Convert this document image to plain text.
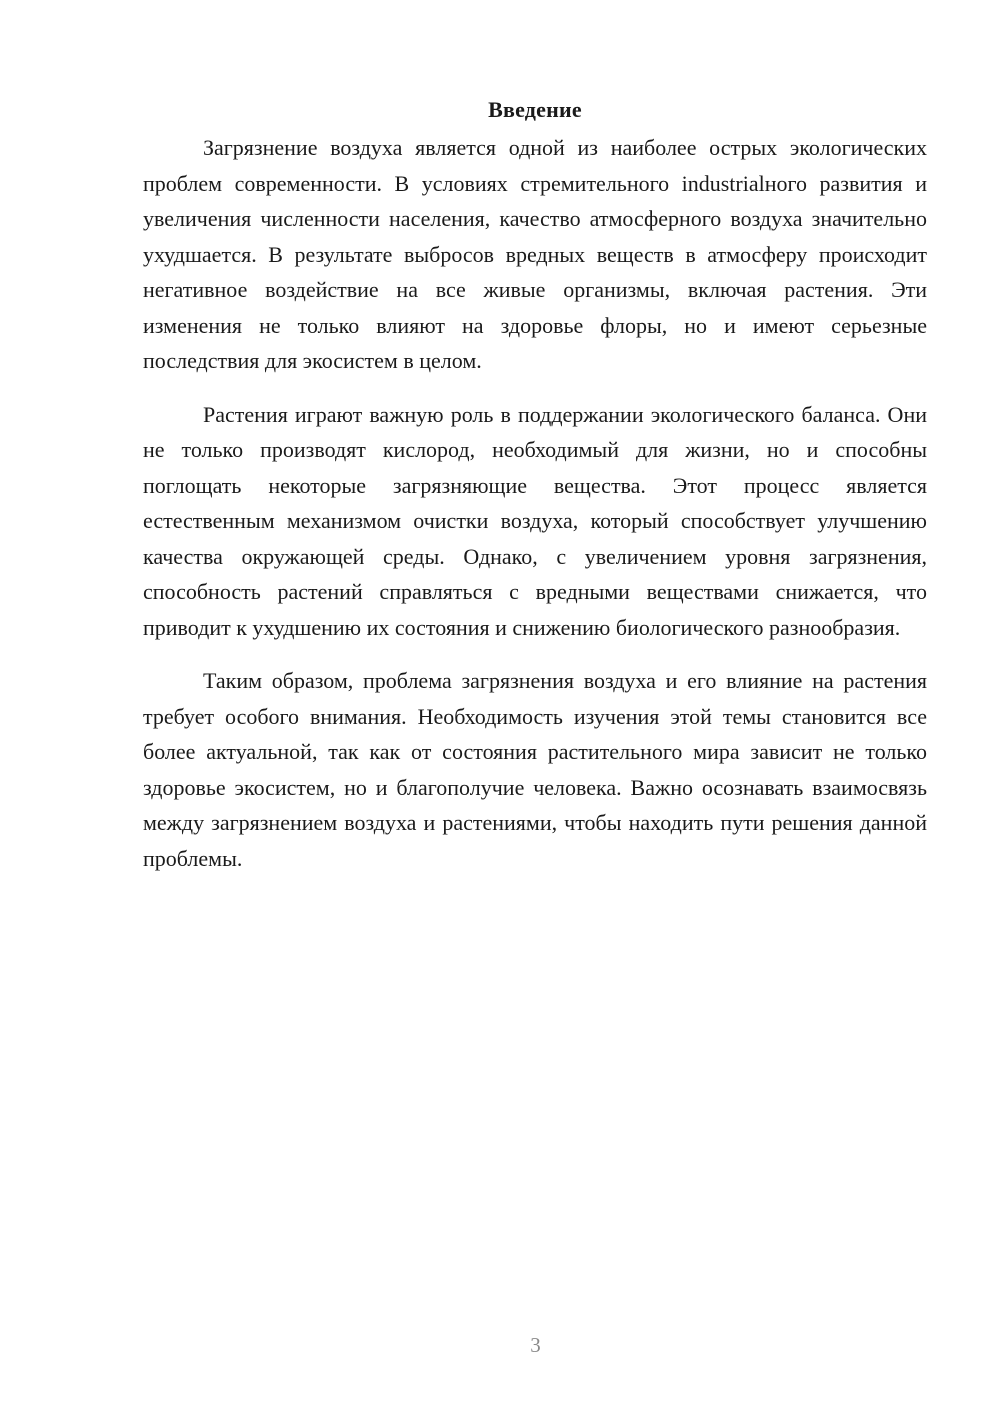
Введение

Загрязнение воздуха является одной из наиболее острых экологических проблем современности. В условиях стремительного industrialного развития и увеличения численности населения, качество атмосферного воздуха значительно ухудшается. В результате выбросов вредных веществ в атмосферу происходит негативное воздействие на все живые организмы, включая растения. Эти изменения не только влияют на здоровье флоры, но и имеют серьезные последствия для экосистем в целом.

Растения играют важную роль в поддержании экологического баланса. Они не только производят кислород, необходимый для жизни, но и способны поглощать некоторые загрязняющие вещества. Этот процесс является естественным механизмом очистки воздуха, который способствует улучшению качества окружающей среды. Однако, с увеличением уровня загрязнения, способность растений справляться с вредными веществами снижается, что приводит к ухудшению их состояния и снижению биологического разнообразия.

Таким образом, проблема загрязнения воздуха и его влияние на растения требует особого внимания. Необходимость изучения этой темы становится все более актуальной, так как от состояния растительного мира зависит не только здоровье экосистем, но и благополучие человека. Важно осознавать взаимосвязь между загрязнением воздуха и растениями, чтобы находить пути решения данной проблемы.

3
